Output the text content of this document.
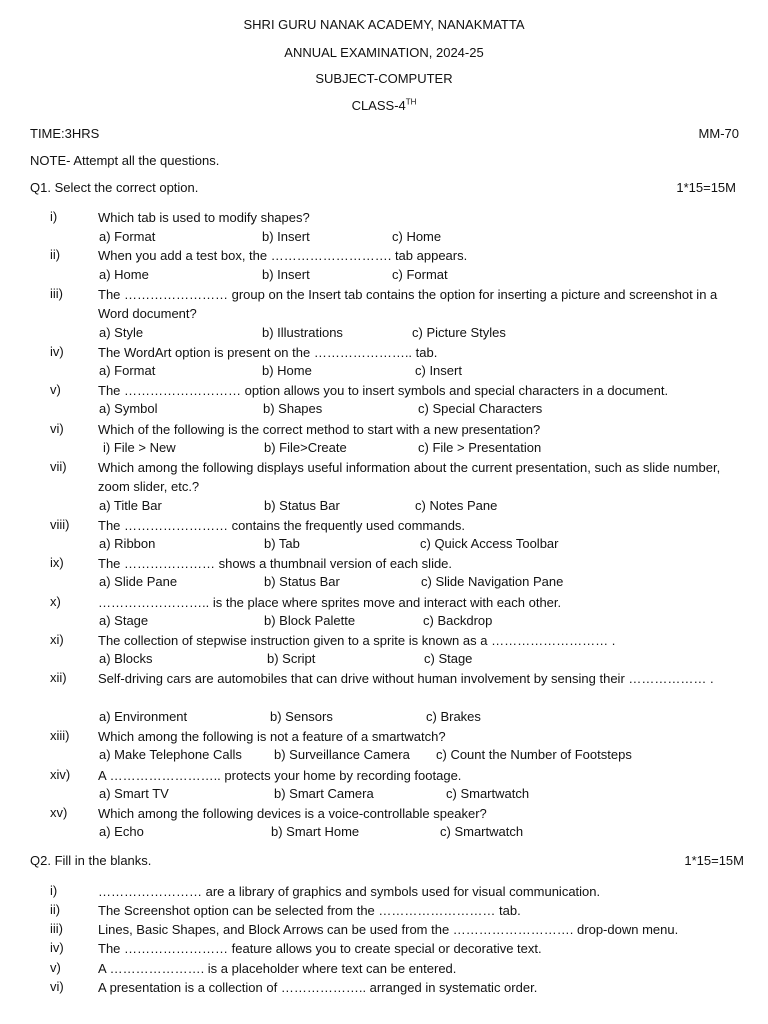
SHRI GURU NANAK ACADEMY, NANAKMATTA
ANNUAL EXAMINATION, 2024-25
SUBJECT-COMPUTER
CLASS-4TH
TIME:3HRS	MM-70
NOTE- Attempt all the questions.
Q1. Select the correct option.	1*15=15M
i)	Which tab is used to modify shapes?
a) Format	b) Insert	c) Home
ii)	When you add a test box, the ………………………. tab appears.
a) Home	b) Insert	c) Format
iii)	The …………………… group on the Insert tab contains the option for inserting a picture and screenshot in a Word document?
a) Style	b) Illustrations	c) Picture Styles
iv)	The WordArt option is present on the ………………….. tab.
a) Format	b) Home	c) Insert
v)	The ……………………… option allows you to insert symbols and special characters in a document.
a) Symbol	b) Shapes	c) Special Characters
vi)	Which of the following is the correct method to start with a new presentation?
i) File > New	b) File>Create	c) File > Presentation
vii)	Which among the following displays useful information about the current presentation, such as slide number, zoom slider, etc.?
a) Title Bar	b) Status Bar	c) Notes Pane
viii)	The …………………… contains the frequently used commands.
a) Ribbon	b) Tab	c) Quick Access Toolbar
ix)	The ………………… shows a thumbnail version of each slide.
a) Slide Pane	b) Status Bar	c) Slide Navigation Pane
x)	…………………….. is the place where sprites move and interact with each other.
a) Stage	b) Block Palette	c) Backdrop
xi)	The collection of stepwise instruction given to a sprite is known as a ……………………… .
a) Blocks	b) Script	c) Stage
xii)	Self-driving cars are automobiles that can drive without human involvement by sensing their ……………… .
a) Environment	b) Sensors	c) Brakes
xiii)	Which among the following is not a feature of a smartwatch?
a) Make Telephone Calls b) Surveillance Camera c) Count the Number of Footsteps
xiv)	A …………………….. protects your home by recording footage.
a) Smart TV	b) Smart Camera	c) Smartwatch
xv)	Which among the following devices is a voice-controllable speaker?
a) Echo	b) Smart Home	c) Smartwatch
Q2. Fill in the blanks.	1*15=15M
i)	…………………… are a library of graphics and symbols used for visual communication.
ii)	The Screenshot option can be selected from the ……………………… tab.
iii)	Lines, Basic Shapes, and Block Arrows can be used from the ………………………. drop-down menu.
iv)	The …………………… feature allows you to create special or decorative text.
v)	A …………………. is a placeholder where text can be entered.
vi)	A presentation is a collection of ……………….. arranged in systematic order.
